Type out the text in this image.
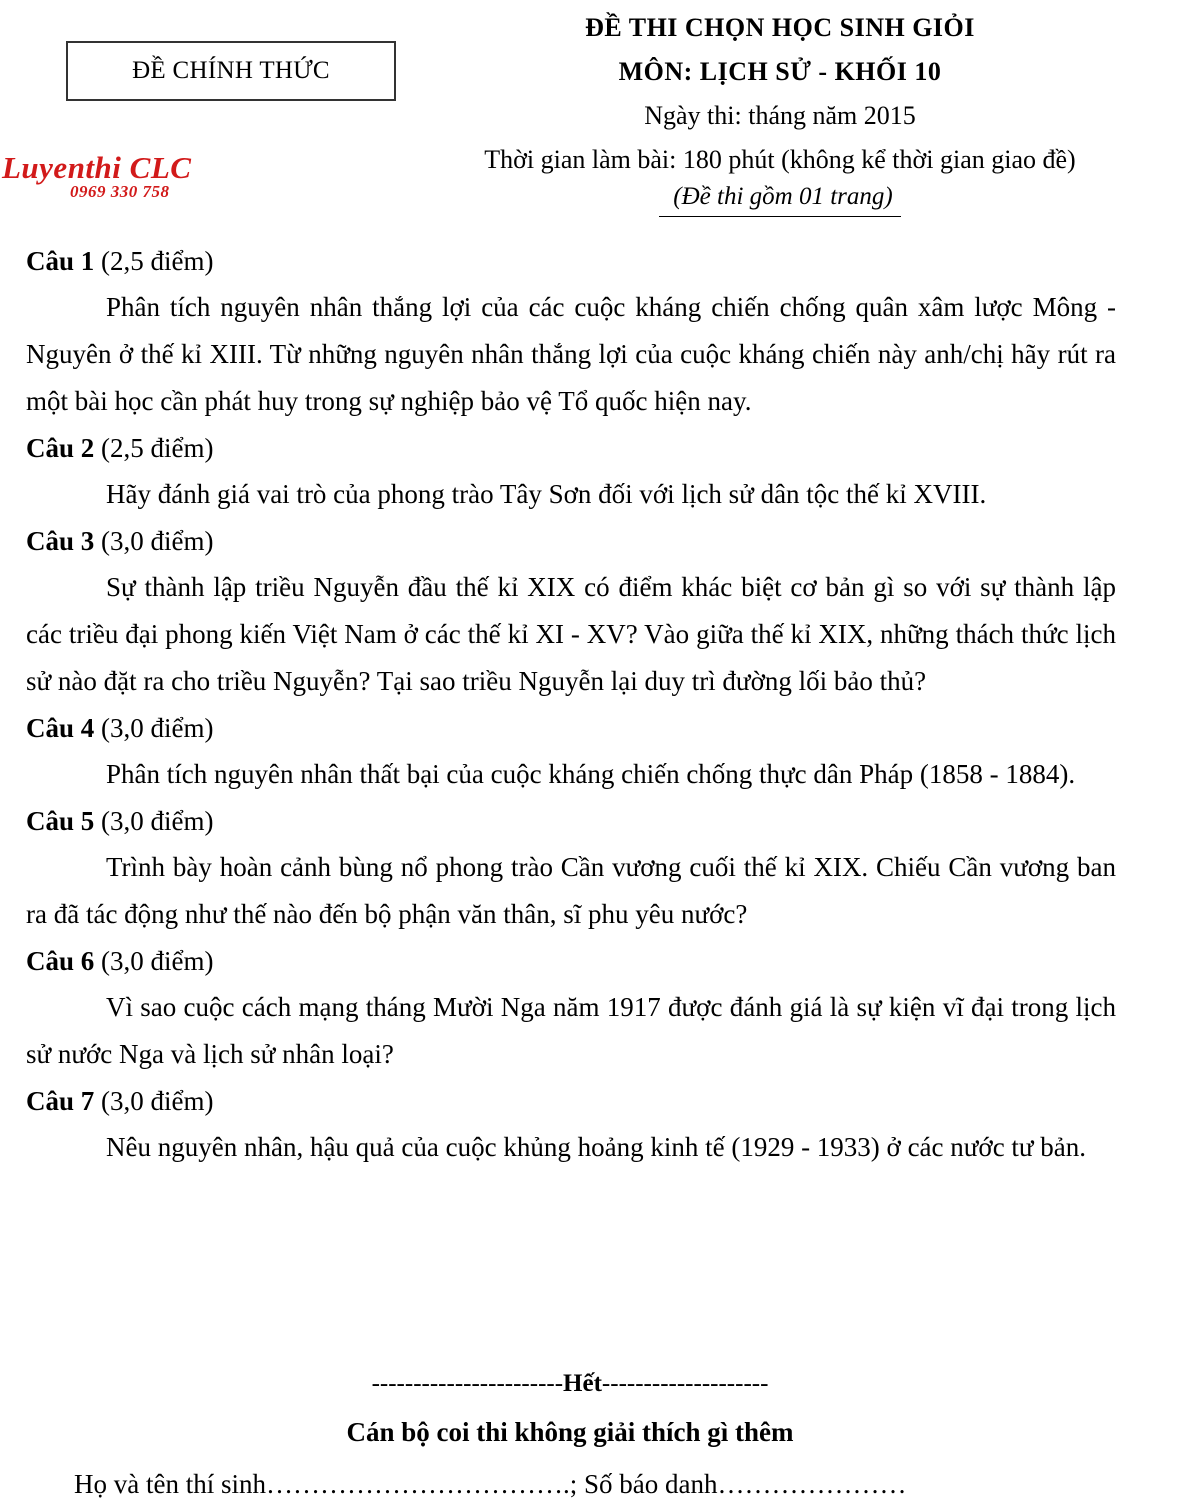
ĐỀ CHÍNH THỨC
Luyenthi CLC
0969 330 758
ĐỀ THI CHỌN HỌC SINH GIỎI
MÔN: LỊCH SỬ - KHỐI 10
Ngày thi: tháng năm 2015
Thời gian làm bài: 180 phút (không kể thời gian giao đề)
(Đề thi gồm 01 trang)
Câu 1 (2,5 điểm)

Phân tích nguyên nhân thắng lợi của các cuộc kháng chiến chống quân xâm lược Mông - Nguyên ở thế kỉ XIII. Từ những nguyên nhân thắng lợi của cuộc kháng chiến này anh/chị hãy rút ra một bài học cần phát huy trong sự nghiệp bảo vệ Tổ quốc hiện nay.

Câu 2 (2,5 điểm)

Hãy đánh giá vai trò của phong trào Tây Sơn đối với lịch sử dân tộc thế kỉ XVIII.

Câu 3 (3,0 điểm)

Sự thành lập triều Nguyễn đầu thế kỉ XIX có điểm khác biệt cơ bản gì so với sự thành lập các triều đại phong kiến Việt Nam ở các thế kỉ XI - XV? Vào giữa thế kỉ XIX, những thách thức lịch sử nào đặt ra cho triều Nguyễn? Tại sao triều Nguyễn lại duy trì đường lối bảo thủ?

Câu 4 (3,0 điểm)

Phân tích nguyên nhân thất bại của cuộc kháng chiến chống thực dân Pháp (1858 - 1884).

Câu 5 (3,0 điểm)

Trình bày hoàn cảnh bùng nổ phong trào Cần vương cuối thế kỉ XIX. Chiếu Cần vương ban ra đã tác động như thế nào đến bộ phận văn thân, sĩ phu yêu nước?

Câu 6 (3,0 điểm)

Vì sao cuộc cách mạng tháng Mười Nga năm 1917 được đánh giá là sự kiện vĩ đại trong lịch sử nước Nga và lịch sử nhân loại?

Câu 7 (3,0 điểm)

Nêu nguyên nhân, hậu quả của cuộc khủng hoảng kinh tế (1929 - 1933) ở các nước tư bản.

-----------------------Hết--------------------
Cán bộ coi thi không giải thích gì thêm
Họ và tên thí sinh…………………………….; Số báo danh…………………
